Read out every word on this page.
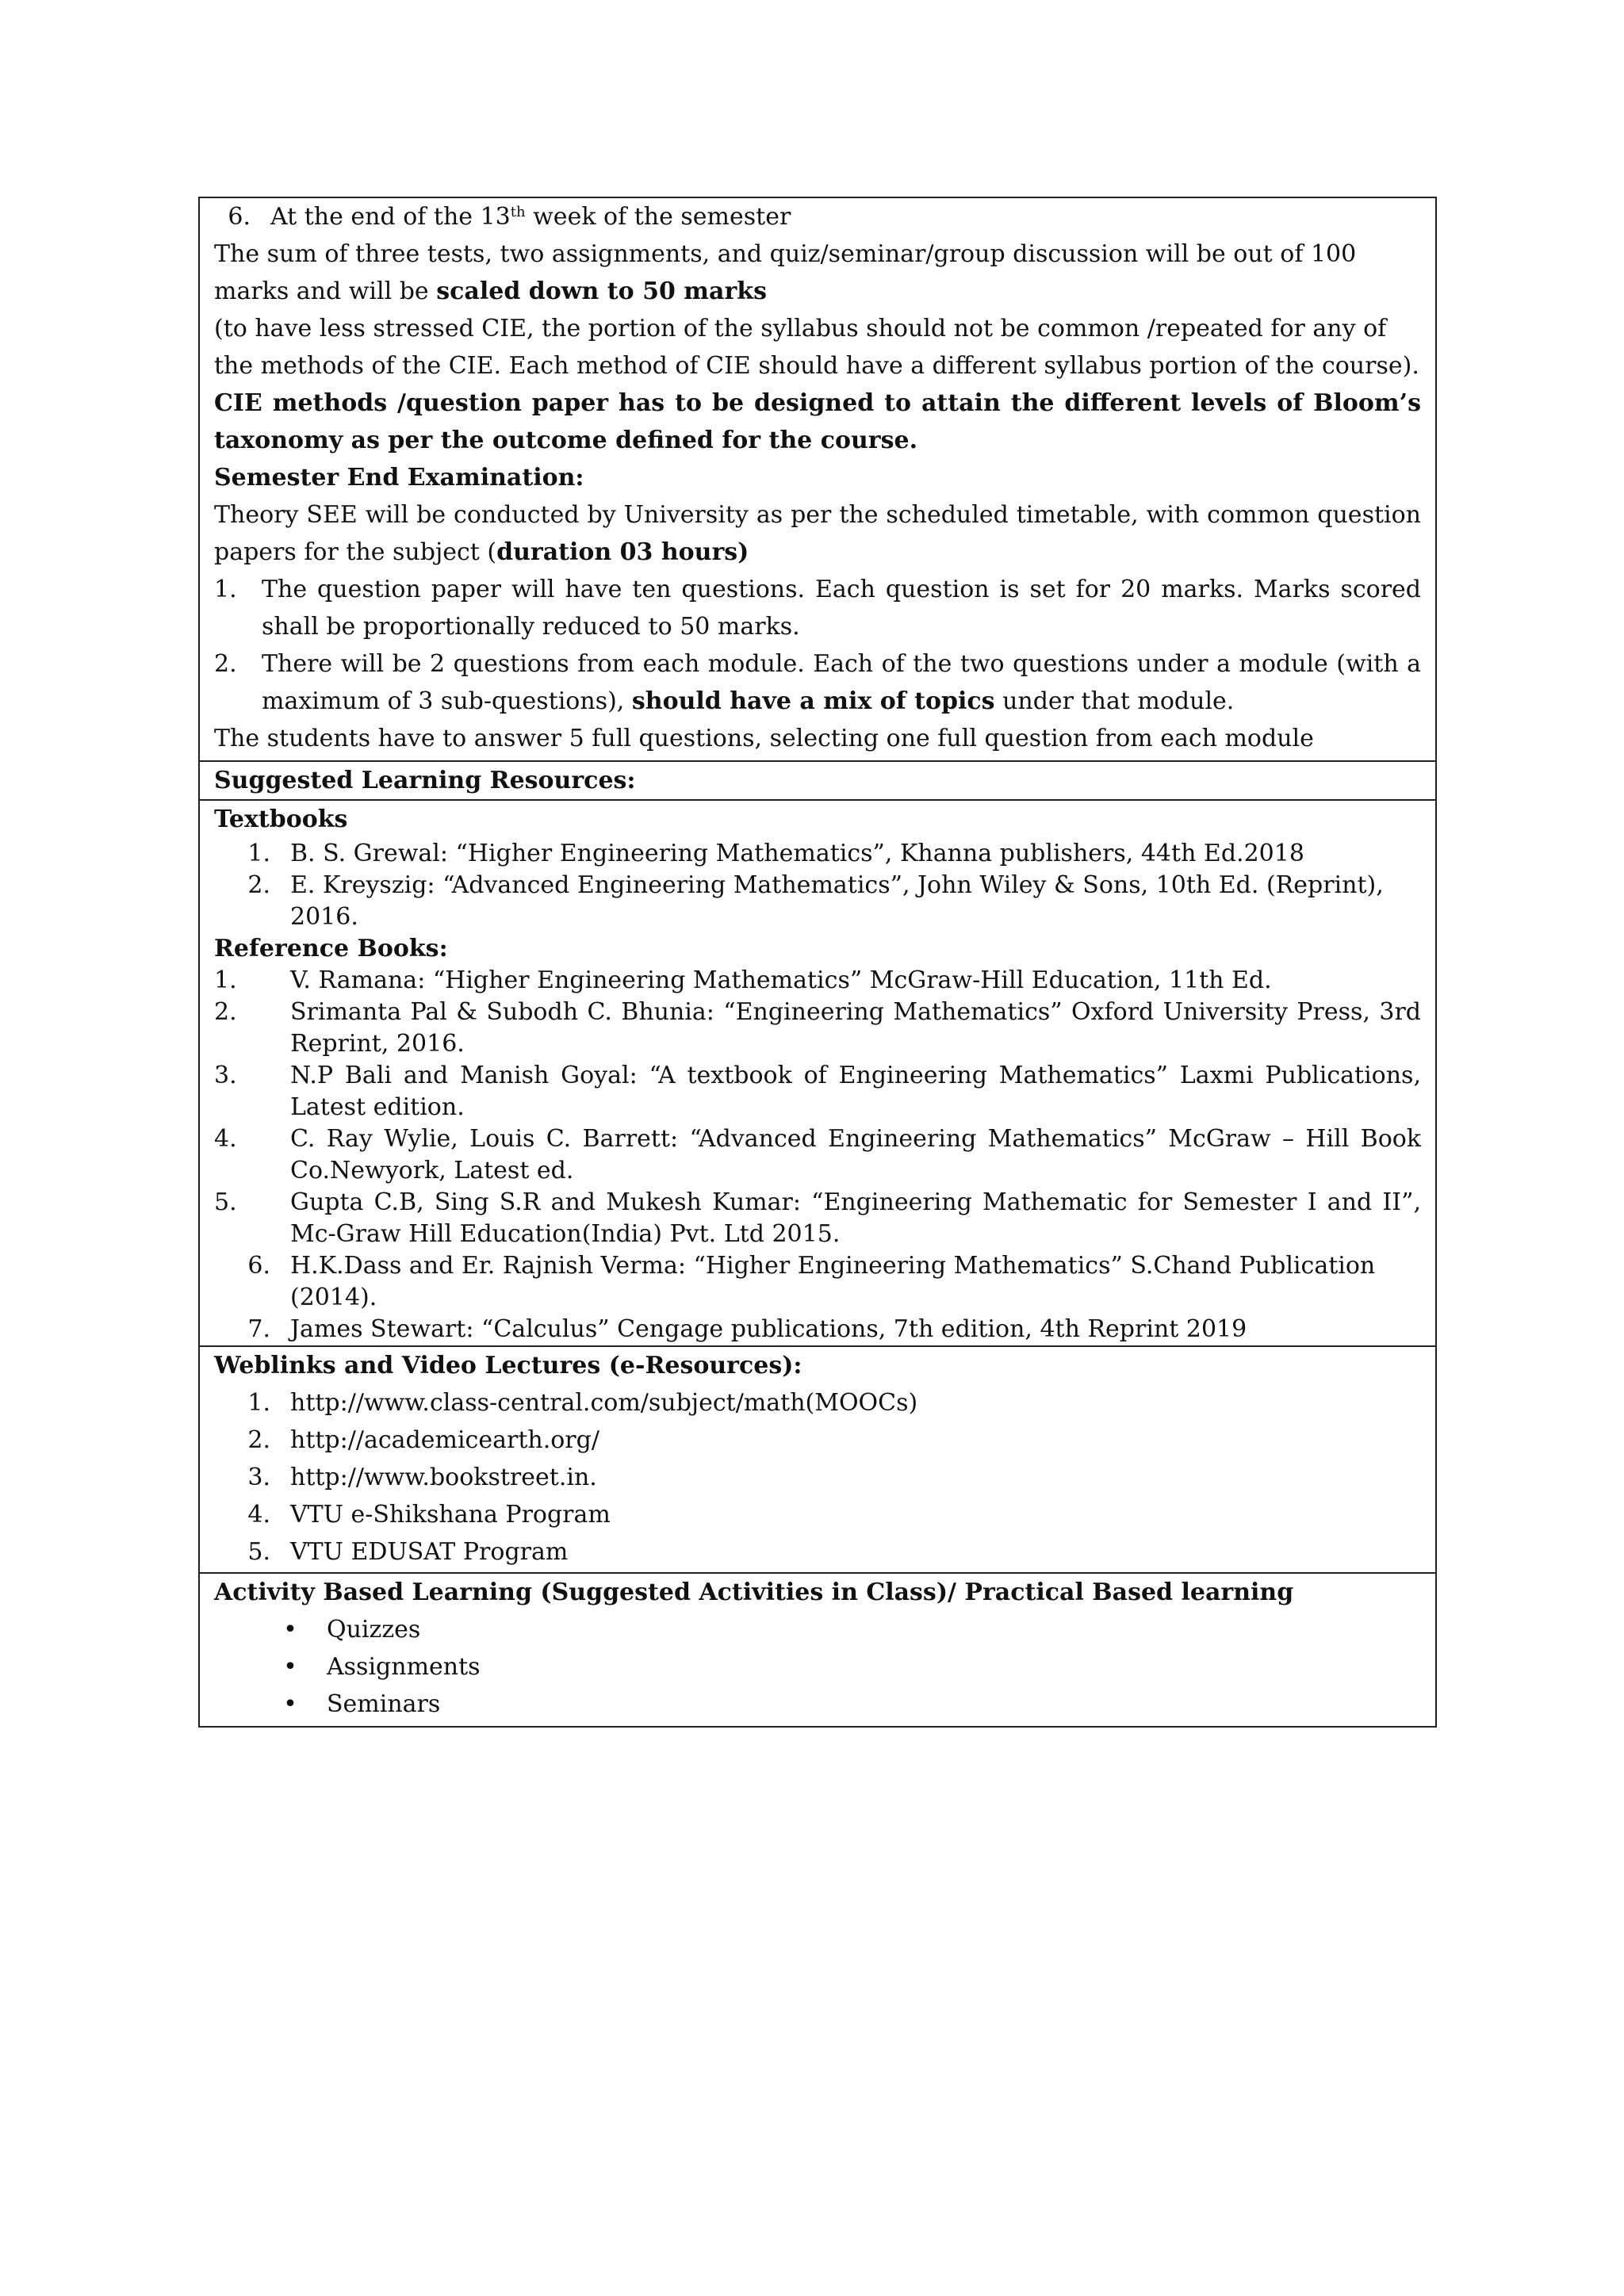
6. At the end of the 13th week of the semester
The sum of three tests, two assignments, and quiz/seminar/group discussion will be out of 100 marks and will be scaled down to 50 marks
(to have less stressed CIE, the portion of the syllabus should not be common /repeated for any of the methods of the CIE. Each method of CIE should have a different syllabus portion of the course).
CIE methods /question paper has to be designed to attain the different levels of Bloom’s taxonomy as per the outcome defined for the course.
Semester End Examination:
Theory SEE will be conducted by University as per the scheduled timetable, with common question papers for the subject (duration 03 hours)
1.	The question paper will have ten questions. Each question is set for 20 marks. Marks scored shall be proportionally reduced to 50 marks.
2.	There will be 2 questions from each module. Each of the two questions under a module (with a maximum of 3 sub-questions), should have a mix of topics under that module.
The students have to answer 5 full questions, selecting one full question from each module
Suggested Learning Resources:
Textbooks
1. B. S. Grewal: “Higher Engineering Mathematics”, Khanna publishers, 44th Ed.2018
2. E. Kreyszig: “Advanced Engineering Mathematics”, John Wiley & Sons, 10th Ed. (Reprint), 2016.
Reference Books:
1.	V. Ramana: “Higher Engineering Mathematics” McGraw-Hill Education, 11th Ed.
2.	Srimanta Pal & Subodh C. Bhunia: “Engineering Mathematics” Oxford University Press, 3rd Reprint, 2016.
3.	N.P Bali and Manish Goyal: “A textbook of Engineering Mathematics” Laxmi Publications, Latest edition.
4.	C. Ray Wylie, Louis C. Barrett: “Advanced Engineering Mathematics” McGraw – Hill Book Co.Newyork, Latest ed.
5.	Gupta C.B, Sing S.R and Mukesh Kumar: “Engineering Mathematic for Semester I and II”, Mc-Graw Hill Education(India) Pvt. Ltd 2015.
6. H.K.Dass and Er. Rajnish Verma: “Higher Engineering Mathematics” S.Chand Publication (2014).
7. James Stewart: “Calculus” Cengage publications, 7th edition, 4th Reprint 2019
Weblinks and Video Lectures (e-Resources):
1. http://www.class-central.com/subject/math(MOOCs)
2. http://academicearth.org/
3. http://www.bookstreet.in.
4. VTU e-Shikshana Program
5. VTU EDUSAT Program
Activity Based Learning (Suggested Activities in Class)/ Practical Based learning
•	Quizzes
•	Assignments
•	Seminars
